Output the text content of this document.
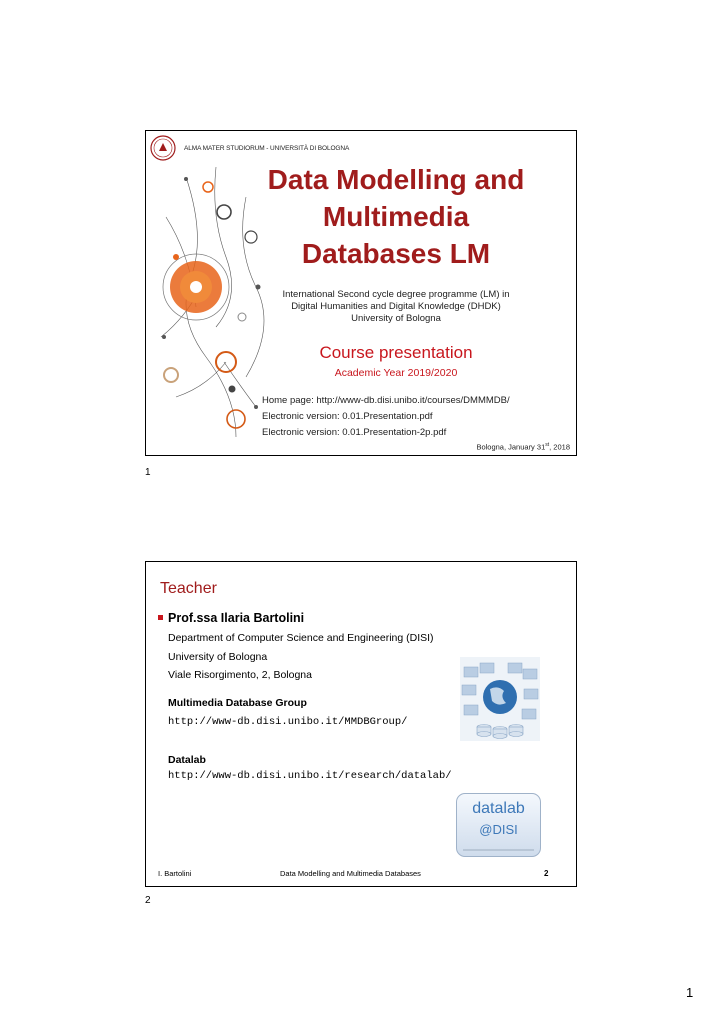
ALMA MATER STUDIORUM - UNIVERSITÀ DI BOLOGNA

Data Modelling and
Multimedia
Databases LM
International Second cycle degree programme (LM) in
Digital Humanities and Digital Knowledge (DHDK)
University of Bologna
Course presentation
Academic Year 2019/2020
Home page: http://www-db.disi.unibo.it/courses/DMMMDB/
Electronic version: 0.01.Presentation.pdf
Electronic version: 0.01.Presentation-2p.pdf
Bologna, January 31st, 2018
1
Teacher
Prof.ssa Ilaria Bartolini
Department of Computer Science and Engineering (DISI)
University of Bologna
Viale Risorgimento, 2, Bologna
Multimedia Database Group
http://www-db.disi.unibo.it/MMDBGroup/
Datalab
http://www-db.disi.unibo.it/research/datalab/
datalab
@DISI
I. Bartolini	Data Modelling and Multimedia Databases	2
2
1
